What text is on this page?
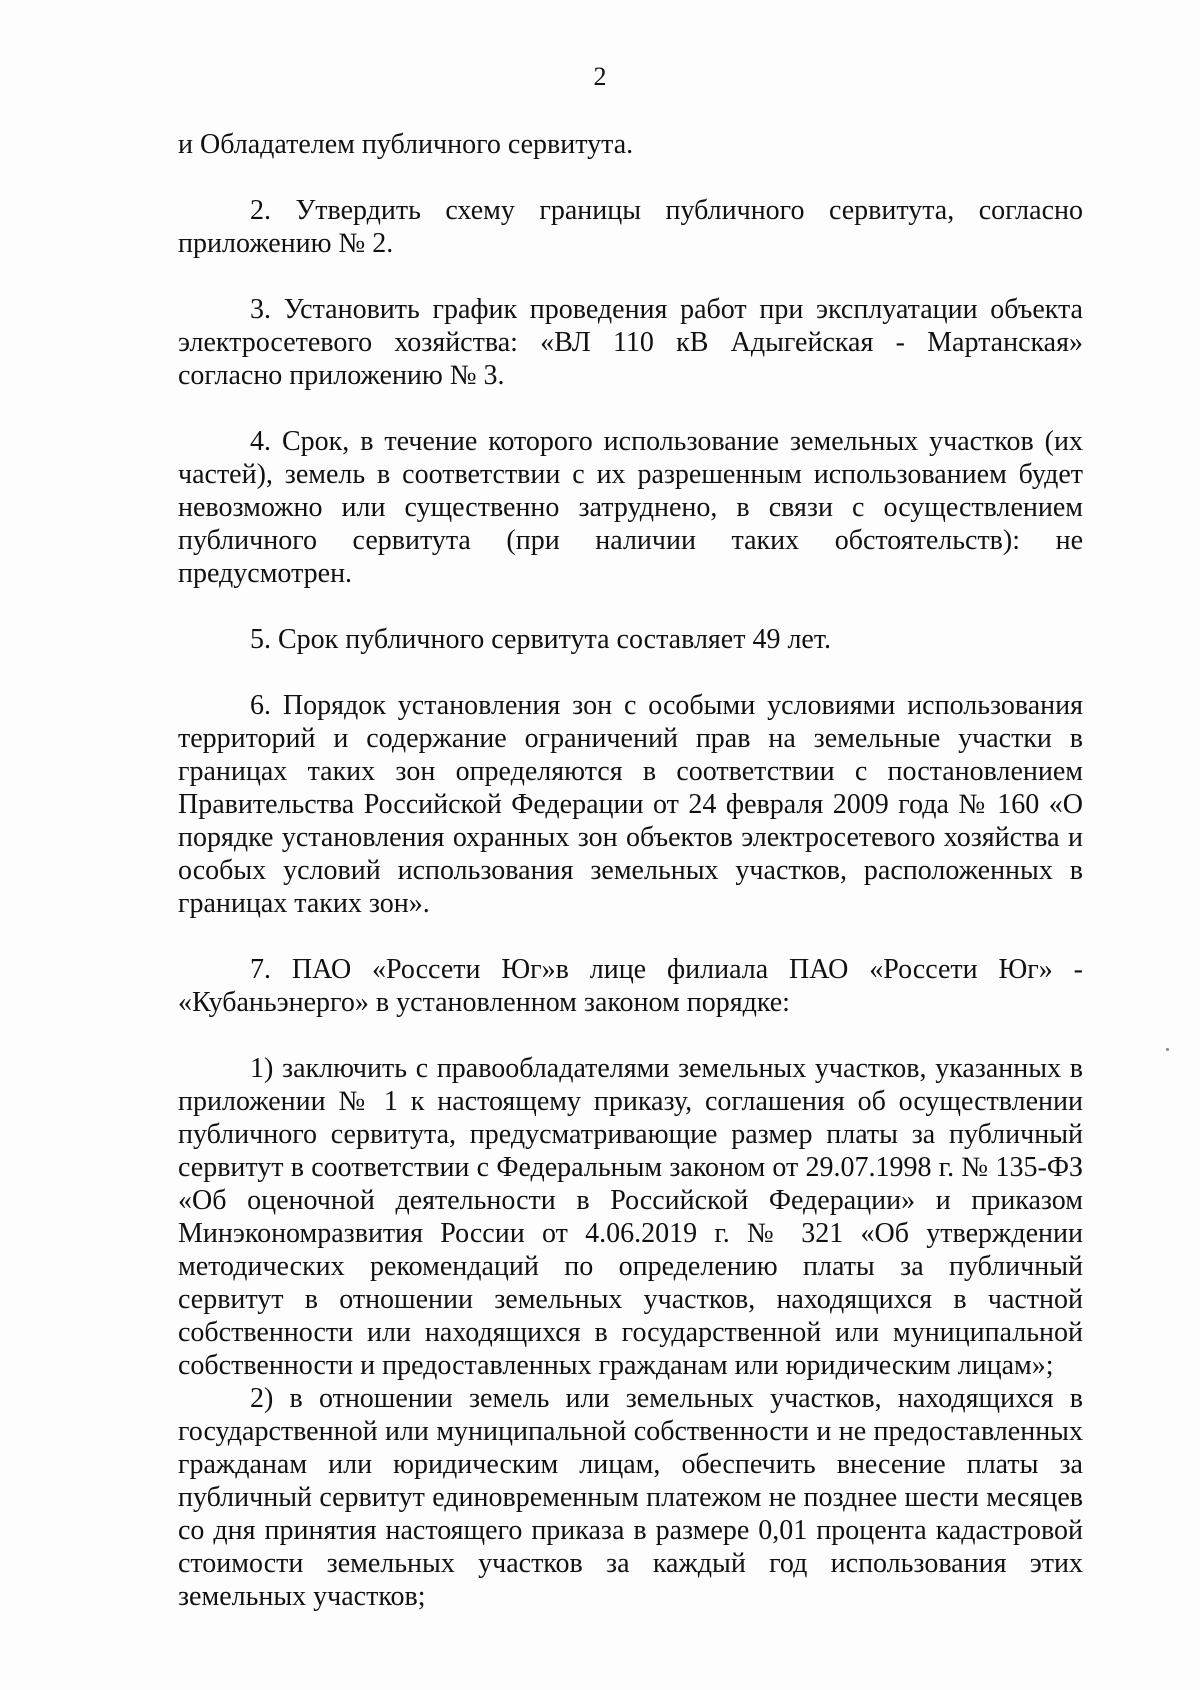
2

и Обладателем публичного сервитута.

2. Утвердить схему границы публичного сервитута, согласно приложению № 2.

3. Установить график проведения работ при эксплуатации объекта электросетевого хозяйства: «ВЛ 110 кВ Адыгейская - Мартанская» согласно приложению № 3.

4. Срок, в течение которого использование земельных участков (их частей), земель в соответствии с их разрешенным использованием будет невозможно или существенно затруднено, в связи с осуществлением публичного сервитута (при наличии таких обстоятельств): не предусмотрен.

5. Срок публичного сервитута составляет 49 лет.

6. Порядок установления зон с особыми условиями использования территорий и содержание ограничений прав на земельные участки в границах таких зон определяются в соответствии с постановлением Правительства Российской Федерации от 24 февраля 2009 года № 160 «О порядке установления охранных зон объектов электросетевого хозяйства и особых условий использования земельных участков, расположенных в границах таких зон».

7. ПАО «Россети Юг»в лице филиала ПАО «Россети Юг» - «Кубаньэнерго» в установленном законом порядке:

1) заключить с правообладателями земельных участков, указанных в приложении № 1 к настоящему приказу, соглашения об осуществлении публичного сервитута, предусматривающие размер платы за публичный сервитут в соответствии с Федеральным законом от 29.07.1998 г. № 135-ФЗ «Об оценочной деятельности в Российской Федерации» и приказом Минэкономразвития России от 4.06.2019 г. № 321 «Об утверждении методических рекомендаций по определению платы за публичный сервитут в отношении земельных участков, находящихся в частной собственности или находящихся в государственной или муниципальной собственности и предоставленных гражданам или юридическим лицам»;

2) в отношении земель или земельных участков, находящихся в государственной или муниципальной собственности и не предоставленных гражданам или юридическим лицам, обеспечить внесение платы за публичный сервитут единовременным платежом не позднее шести месяцев со дня принятия настоящего приказа в размере 0,01 процента кадастровой стоимости земельных участков за каждый год использования этих земельных участков;
